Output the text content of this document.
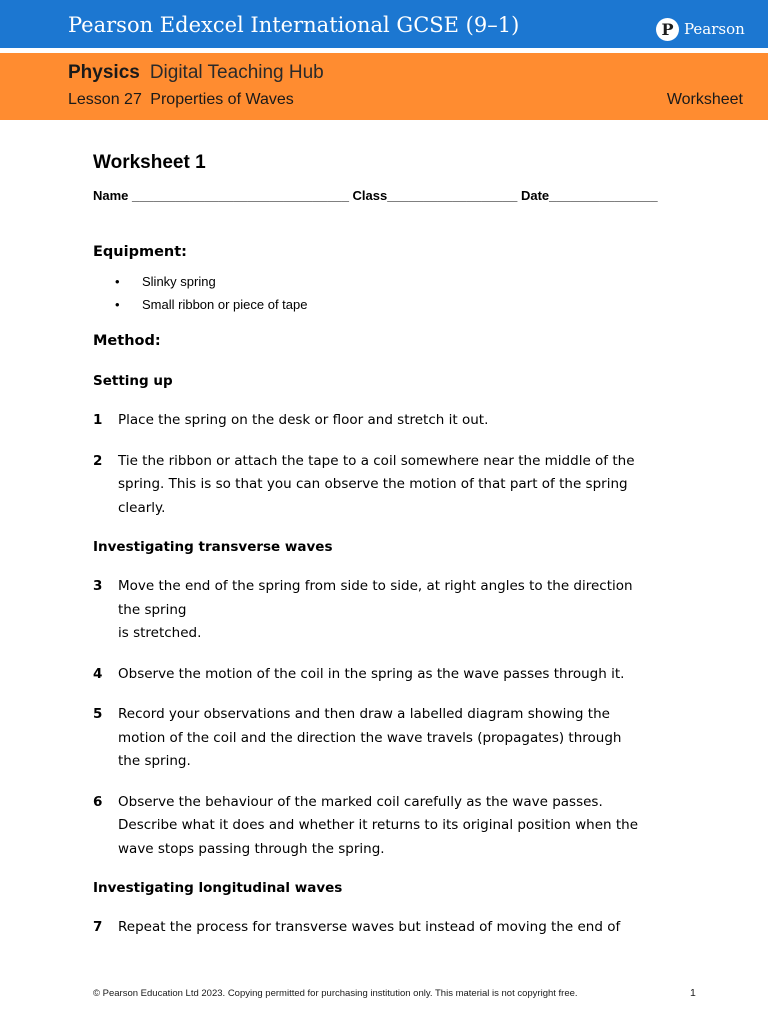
Pearson Edexcel International GCSE (9–1)	P Pearson
Physics Digital Teaching Hub
Lesson 27 Properties of Waves	Worksheet
Worksheet 1
Name ______________________________ Class__________________ Date_______________
Equipment:
• Slinky spring
• Small ribbon or piece of tape
Method:
Setting up
1 Place the spring on the desk or floor and stretch it out.
2 Tie the ribbon or attach the tape to a coil somewhere near the middle of the
spring. This is so that you can observe the motion of that part of the spring
clearly.
Investigating transverse waves
3 Move the end of the spring from side to side, at right angles to the direction
the spring
is stretched.
4 Observe the motion of the coil in the spring as the wave passes through it.
5 Record your observations and then draw a labelled diagram showing the
motion of the coil and the direction the wave travels (propagates) through
the spring.
6 Observe the behaviour of the marked coil carefully as the wave passes.
Describe what it does and whether it returns to its original position when the
wave stops passing through the spring.
Investigating longitudinal waves
7 Repeat the process for transverse waves but instead of moving the end of
© Pearson Education Ltd 2023. Copying permitted for purchasing institution only. This material is not copyright free.	1
